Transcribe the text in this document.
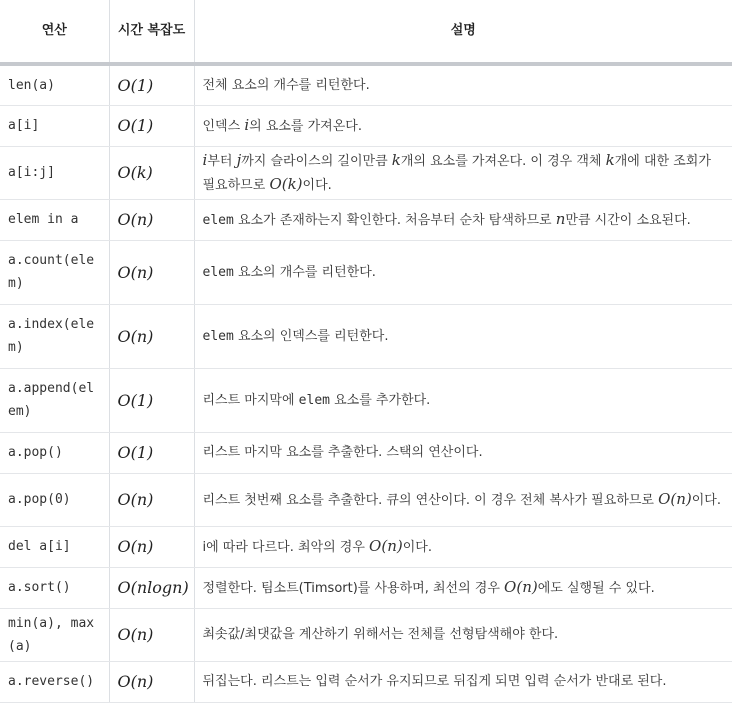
연산	시간 복잡도	설명
len(a)	O(1)	전체 요소의 개수를 리턴한다.
a[i]	O(1)	인덱스 i의 요소를 가져온다.
a[i:j]	O(k)	i부터 j까지 슬라이스의 길이만큼 k개의 요소를 가져온다. 이 경우 객체 k개에 대한 조회가 필요하므로 O(k)이다.
elem in a	O(n)	elem 요소가 존재하는지 확인한다. 처음부터 순차 탐색하므로 n만큼 시간이 소요된다.
a.count(elem)	O(n)	elem 요소의 개수를 리턴한다.
a.index(elem)	O(n)	elem 요소의 인덱스를 리턴한다.
a.append(elem)	O(1)	리스트 마지막에 elem 요소를 추가한다.
a.pop()	O(1)	리스트 마지막 요소를 추출한다. 스택의 연산이다.
a.pop(0)	O(n)	리스트 첫번째 요소를 추출한다. 큐의 연산이다. 이 경우 전체 복사가 필요하므로 O(n)이다.
del a[i]	O(n)	i에 따라 다르다. 최악의 경우 O(n)이다.
a.sort()	O(nlogn)	정렬한다. 팀소트(Timsort)를 사용하며, 최선의 경우 O(n)에도 실행될 수 있다.
min(a), max(a)	O(n)	최솟값/최댓값을 계산하기 위해서는 전체를 선형탐색해야 한다.
a.reverse()	O(n)	뒤집는다. 리스트는 입력 순서가 유지되므로 뒤집게 되면 입력 순서가 반대로 된다.
